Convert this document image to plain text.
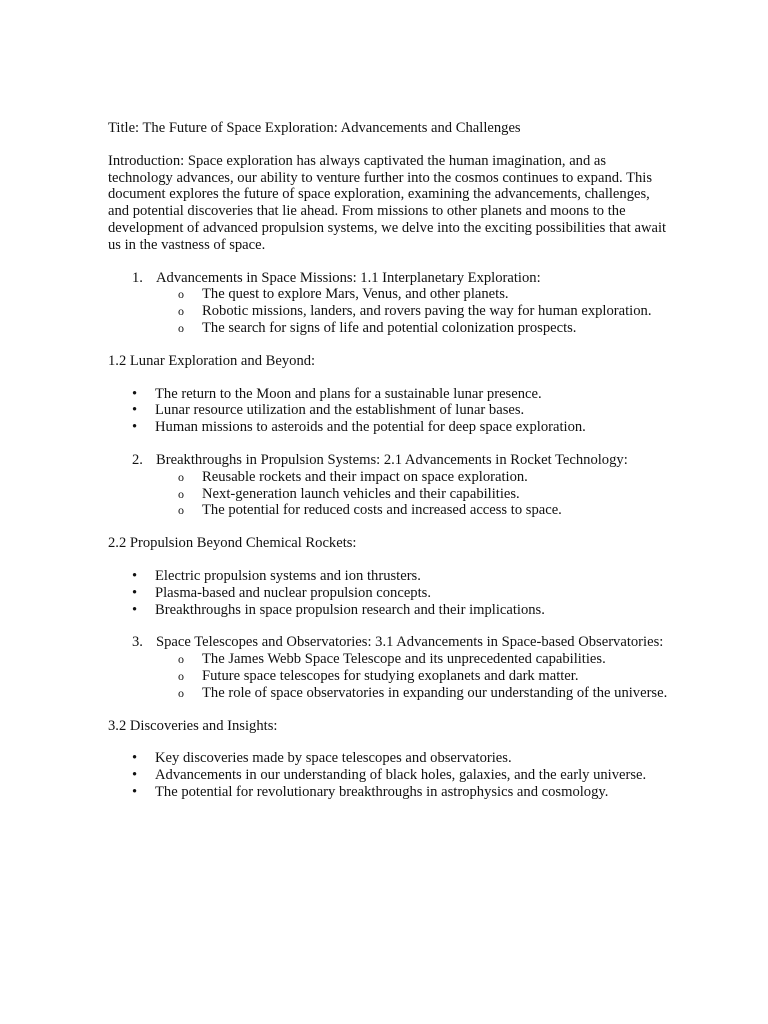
Title: The Future of Space Exploration: Advancements and Challenges

Introduction: Space exploration has always captivated the human imagination, and as technology advances, our ability to venture further into the cosmos continues to expand. This document explores the future of space exploration, examining the advancements, challenges, and potential discoveries that lie ahead. From missions to other planets and moons to the development of advanced propulsion systems, we delve into the exciting possibilities that await us in the vastness of space.

1. Advancements in Space Missions: 1.1 Interplanetary Exploration:

o The quest to explore Mars, Venus, and other planets.
o Robotic missions, landers, and rovers paving the way for human exploration.
o The search for signs of life and potential colonization prospects.

1.2 Lunar Exploration and Beyond:

• The return to the Moon and plans for a sustainable lunar presence.
• Lunar resource utilization and the establishment of lunar bases.
• Human missions to asteroids and the potential for deep space exploration.

2. Breakthroughs in Propulsion Systems: 2.1 Advancements in Rocket Technology:

o Reusable rockets and their impact on space exploration.
o Next-generation launch vehicles and their capabilities.
o The potential for reduced costs and increased access to space.

2.2 Propulsion Beyond Chemical Rockets:

• Electric propulsion systems and ion thrusters.
• Plasma-based and nuclear propulsion concepts.
• Breakthroughs in space propulsion research and their implications.

3. Space Telescopes and Observatories: 3.1 Advancements in Space-based Observatories:

o The James Webb Space Telescope and its unprecedented capabilities.
o Future space telescopes for studying exoplanets and dark matter.
o The role of space observatories in expanding our understanding of the universe.

3.2 Discoveries and Insights:

• Key discoveries made by space telescopes and observatories.
• Advancements in our understanding of black holes, galaxies, and the early universe.
• The potential for revolutionary breakthroughs in astrophysics and cosmology.
